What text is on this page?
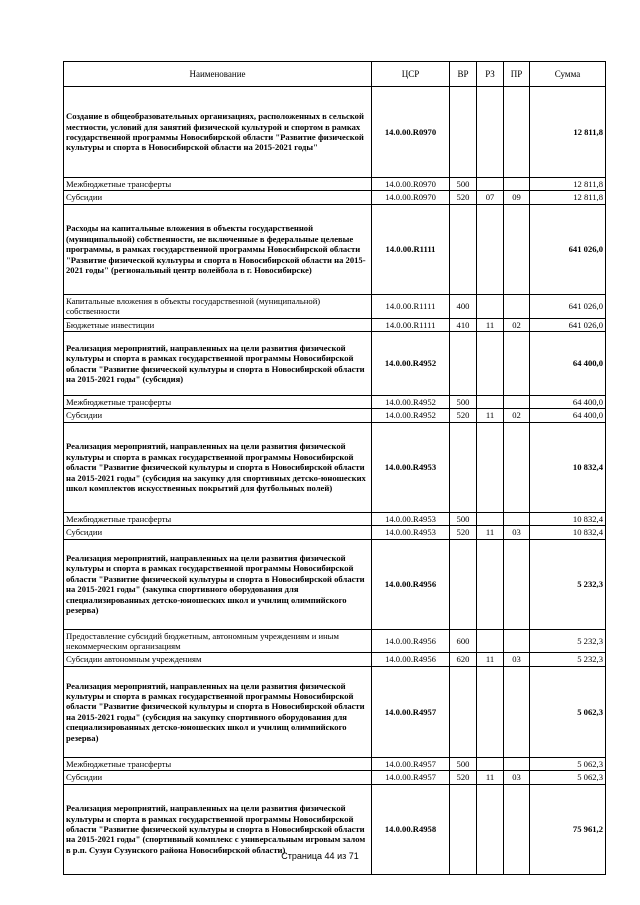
Наименование	ЦСР	ВР	РЗ	ПР	Сумма
Создание в общеобразовательных организациях, расположенных в сельской местности, условий для занятий физической культурой и спортом в рамках государственной программы Новосибирской области "Развитие физической культуры и спорта в Новосибирской области на 2015-2021 годы"	14.0.00.R0970				12 811,8
Межбюджетные трансферты	14.0.00.R0970	500			12 811,8
Субсидии	14.0.00.R0970	520	07	09	12 811,8
Расходы на капитальные вложения в объекты государственной (муниципальной) собственности, не включенные в федеральные целевые программы, в рамках государственной программы Новосибирской области "Развитие физической культуры и спорта в Новосибирской области на 2015-2021 годы" (региональный центр волейбола в г. Новосибирске)	14.0.00.R1111				641 026,0
Капитальные вложения в объекты государственной (муниципальной) собственности	14.0.00.R1111	400			641 026,0
Бюджетные инвестиции	14.0.00.R1111	410	11	02	641 026,0
Реализация мероприятий, направленных на цели развития физической культуры и спорта в рамках государственной программы Новосибирской области "Развитие физической культуры и спорта в Новосибирской области на 2015-2021 годы" (субсидия)	14.0.00.R4952				64 400,0
Межбюджетные трансферты	14.0.00.R4952	500			64 400,0
Субсидии	14.0.00.R4952	520	11	02	64 400,0
Реализация мероприятий, направленных на цели развития физической культуры и спорта в рамках государственной программы Новосибирской области "Развитие физической культуры и спорта в Новосибирской области на 2015-2021 годы" (субсидия на закупку для спортивных детско-юношеских школ комплектов искусственных покрытий для футбольных полей)	14.0.00.R4953				10 832,4
Межбюджетные трансферты	14.0.00.R4953	500			10 832,4
Субсидии	14.0.00.R4953	520	11	03	10 832,4
Реализация мероприятий, направленных на цели развития физической культуры и спорта в рамках государственной программы Новосибирской области "Развитие физической культуры и спорта в Новосибирской области на 2015-2021 годы" (закупка спортивного оборудования для специализированных детско-юношеских школ и училищ олимпийского резерва)	14.0.00.R4956				5 232,3
Предоставление субсидий бюджетным, автономным учреждениям и иным некоммерческим организациям	14.0.00.R4956	600			5 232,3
Субсидии автономным учреждениям	14.0.00.R4956	620	11	03	5 232,3
Реализация мероприятий, направленных на цели развития физической культуры и спорта в рамках государственной программы Новосибирской области "Развитие физической культуры и спорта в Новосибирской области на 2015-2021 годы" (субсидия на закупку спортивного оборудования для специализированных детско-юношеских школ и училищ олимпийского резерва)	14.0.00.R4957				5 062,3
Межбюджетные трансферты	14.0.00.R4957	500			5 062,3
Субсидии	14.0.00.R4957	520	11	03	5 062,3
Реализация мероприятий, направленных на цели развития физической культуры и спорта в рамках государственной программы Новосибирской области "Развитие физической культуры и спорта в Новосибирской области на 2015-2021 годы" (спортивный комплекс с универсальным игровым залом в р.п. Сузун Сузунского района Новосибирской области)	14.0.00.R4958				75 961,2
Страница 44 из 71
